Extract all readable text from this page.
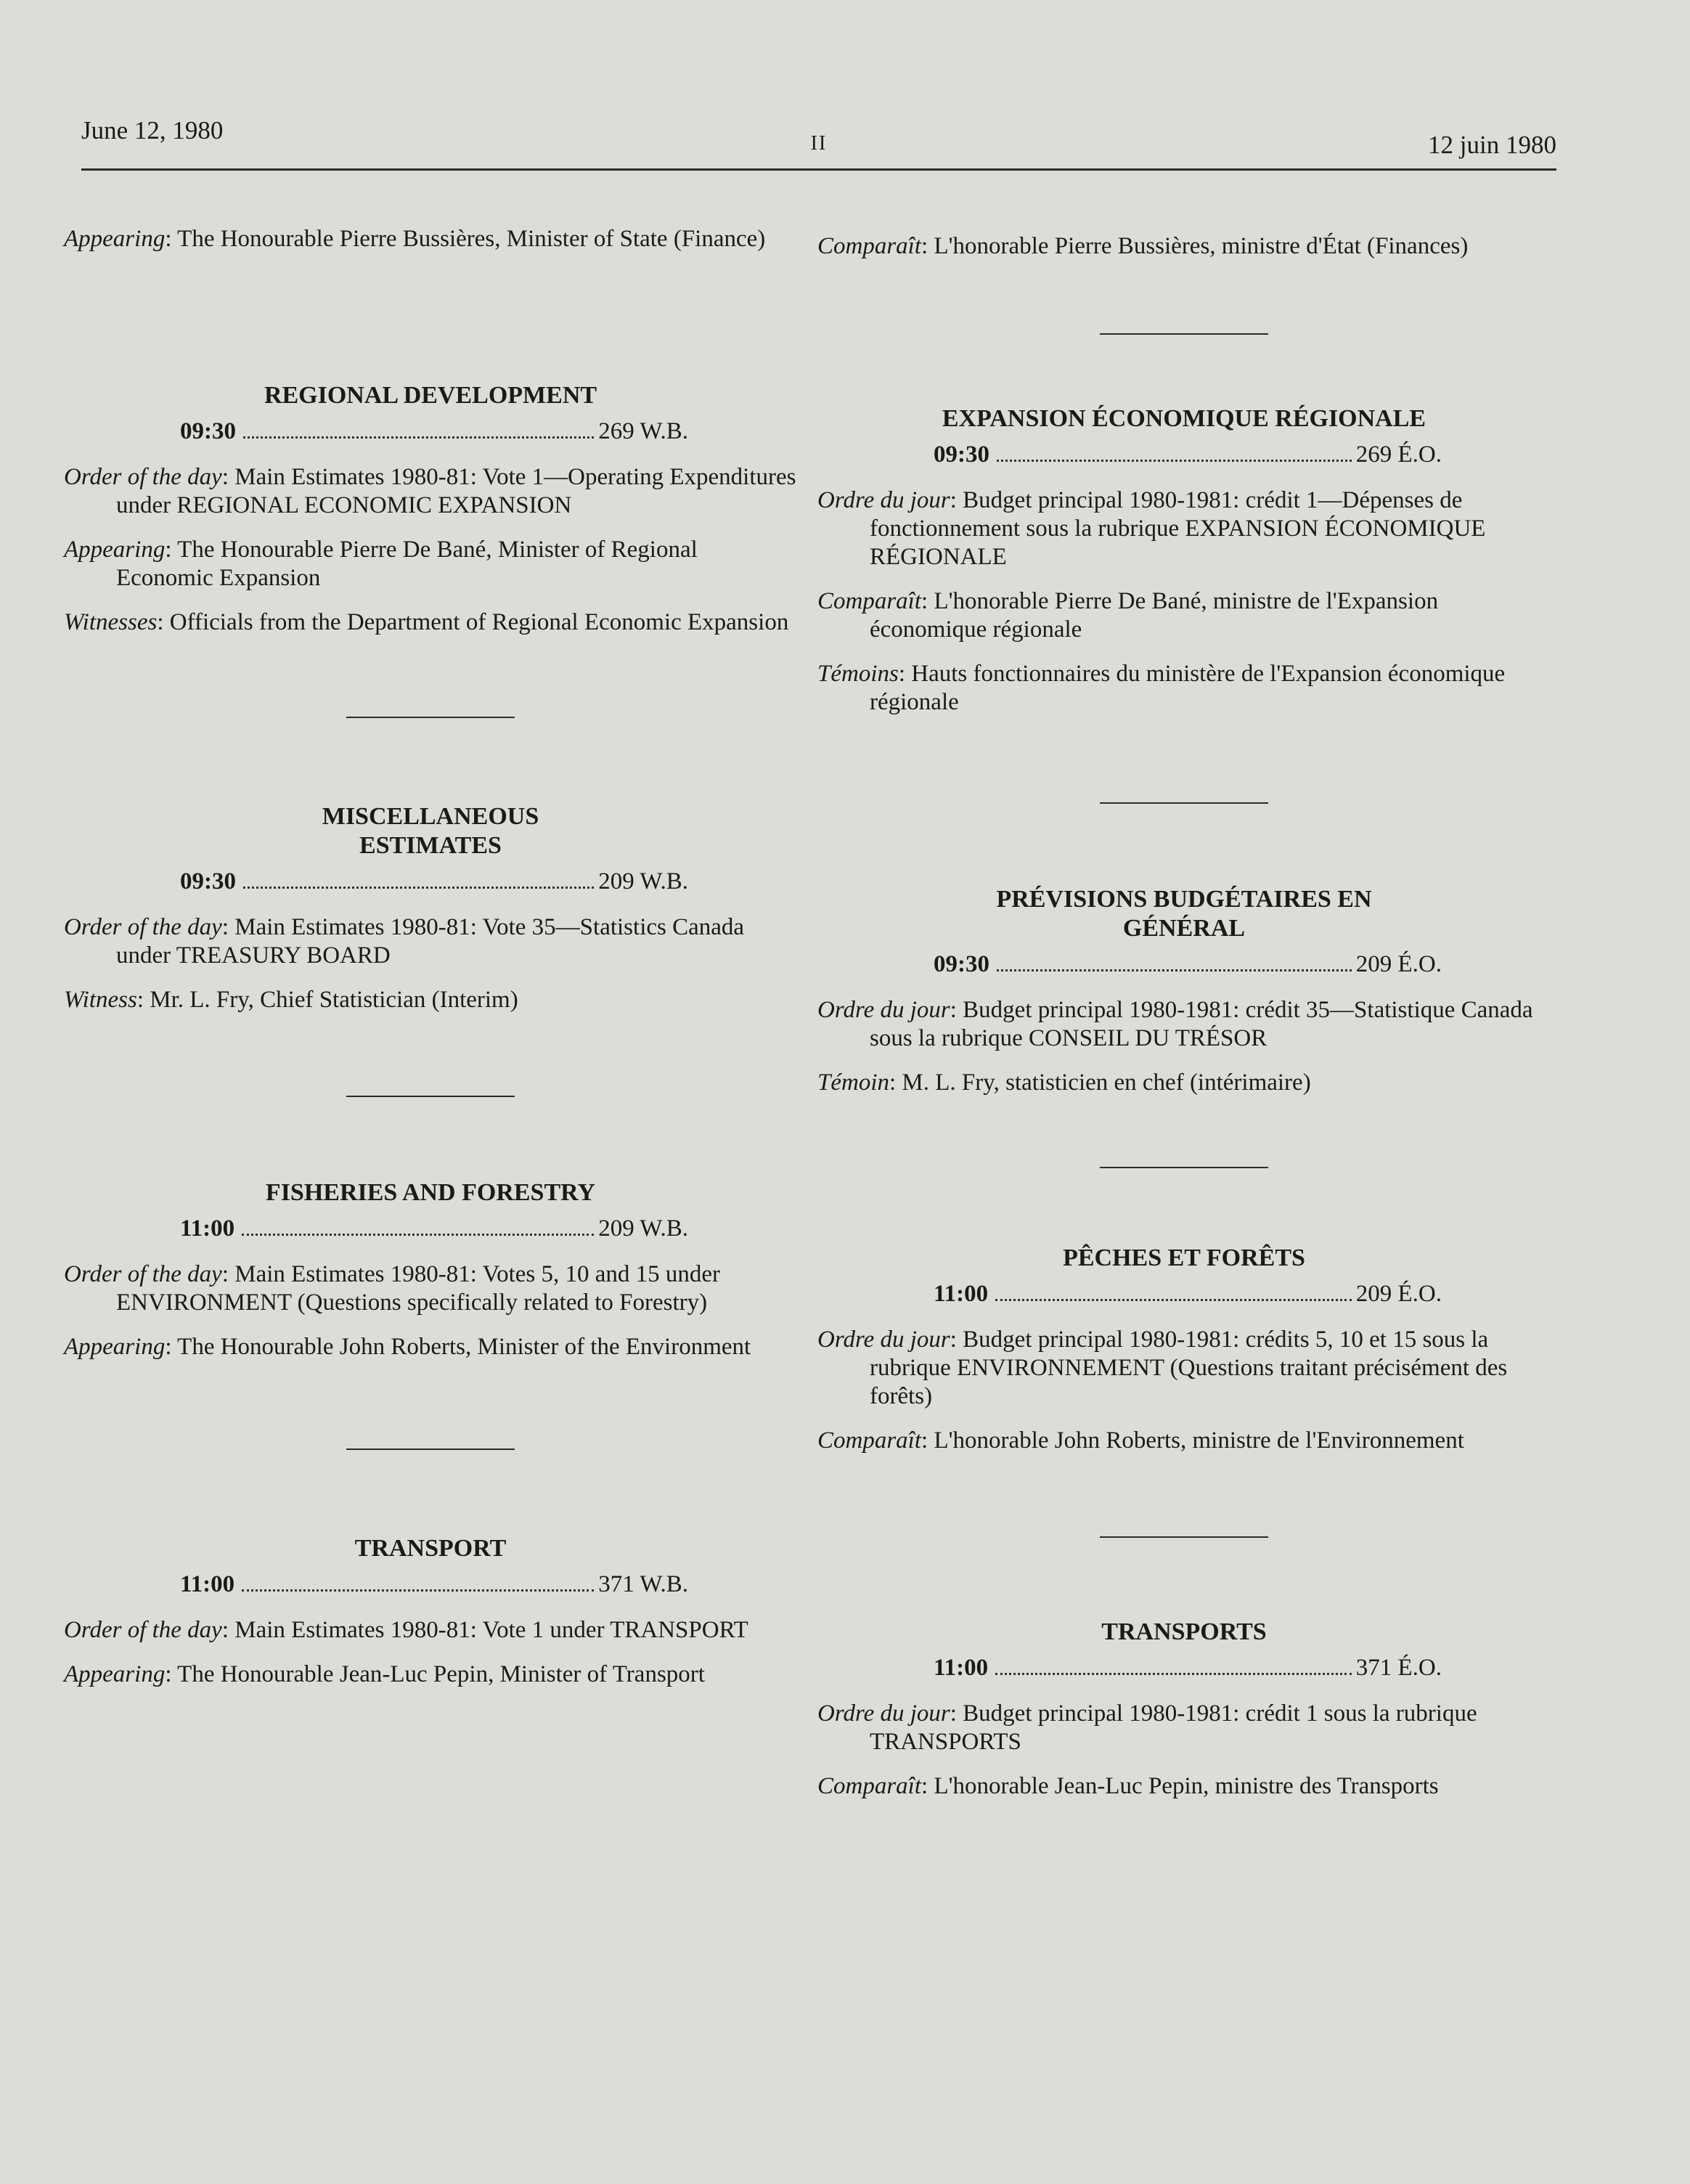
June 12, 1980	II	12 juin 1980

Appearing: The Honourable Pierre Bussières, Minister of State (Finance)

REGIONAL DEVELOPMENT
09:30	269 W.B.

Order of the day: Main Estimates 1980-81: Vote 1—Operating Expenditures under REGIONAL ECONOMIC EXPANSION

Appearing: The Honourable Pierre De Bané, Minister of Regional Economic Expansion

Witnesses: Officials from the Department of Regional Economic Expansion

MISCELLANEOUS
ESTIMATES
09:30	209 W.B.

Order of the day: Main Estimates 1980-81: Vote 35—Statistics Canada under TREASURY BOARD

Witness: Mr. L. Fry, Chief Statistician (Interim)

FISHERIES AND FORESTRY
11:00	209 W.B.

Order of the day: Main Estimates 1980-81: Votes 5, 10 and 15 under ENVIRONMENT (Questions specifically related to Forestry)

Appearing: The Honourable John Roberts, Minister of the Environment

TRANSPORT
11:00	371 W.B.

Order of the day: Main Estimates 1980-81: Vote 1 under TRANSPORT

Appearing: The Honourable Jean-Luc Pepin, Minister of Transport

Comparaît: L'honorable Pierre Bussières, ministre d'État (Finances)

EXPANSION ÉCONOMIQUE RÉGIONALE
09:30	269 É.O.

Ordre du jour: Budget principal 1980-1981: crédit 1—Dépenses de fonctionnement sous la rubrique EXPANSION ÉCONOMIQUE RÉGIONALE

Comparaît: L'honorable Pierre De Bané, ministre de l'Expansion économique régionale

Témoins: Hauts fonctionnaires du ministère de l'Expansion économique régionale

PRÉVISIONS BUDGÉTAIRES EN
GÉNÉRAL
09:30	209 É.O.

Ordre du jour: Budget principal 1980-1981: crédit 35—Statistique Canada sous la rubrique CONSEIL DU TRÉSOR

Témoin: M. L. Fry, statisticien en chef (intérimaire)

PÊCHES ET FORÊTS
11:00	209 É.O.

Ordre du jour: Budget principal 1980-1981: crédits 5, 10 et 15 sous la rubrique ENVIRONNEMENT (Questions traitant précisément des forêts)

Comparaît: L'honorable John Roberts, ministre de l'Environnement

TRANSPORTS
11:00	371 É.O.

Ordre du jour: Budget principal 1980-1981: crédit 1 sous la rubrique TRANSPORTS

Comparaît: L'honorable Jean-Luc Pepin, ministre des Transports
